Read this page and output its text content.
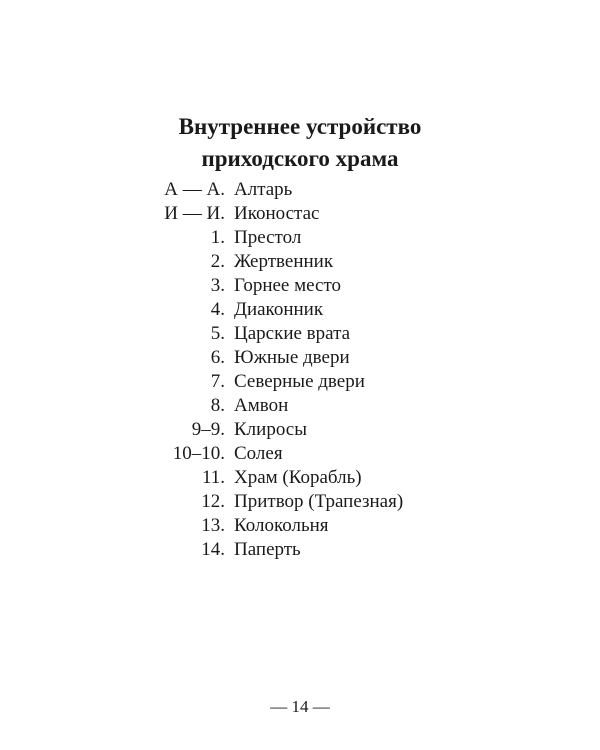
Внутреннее устройство
приходского храма
А — А. Алтарь
И — И. Иконостас
1. Престол
2. Жертвенник
3. Горнее место
4. Диаконник
5. Царские врата
6. Южные двери
7. Северные двери
8. Амвон
9–9. Клиросы
10–10. Солея
11. Храм (Корабль)
12. Притвор (Трапезная)
13. Колокольня
14. Паперть
— 14 —
